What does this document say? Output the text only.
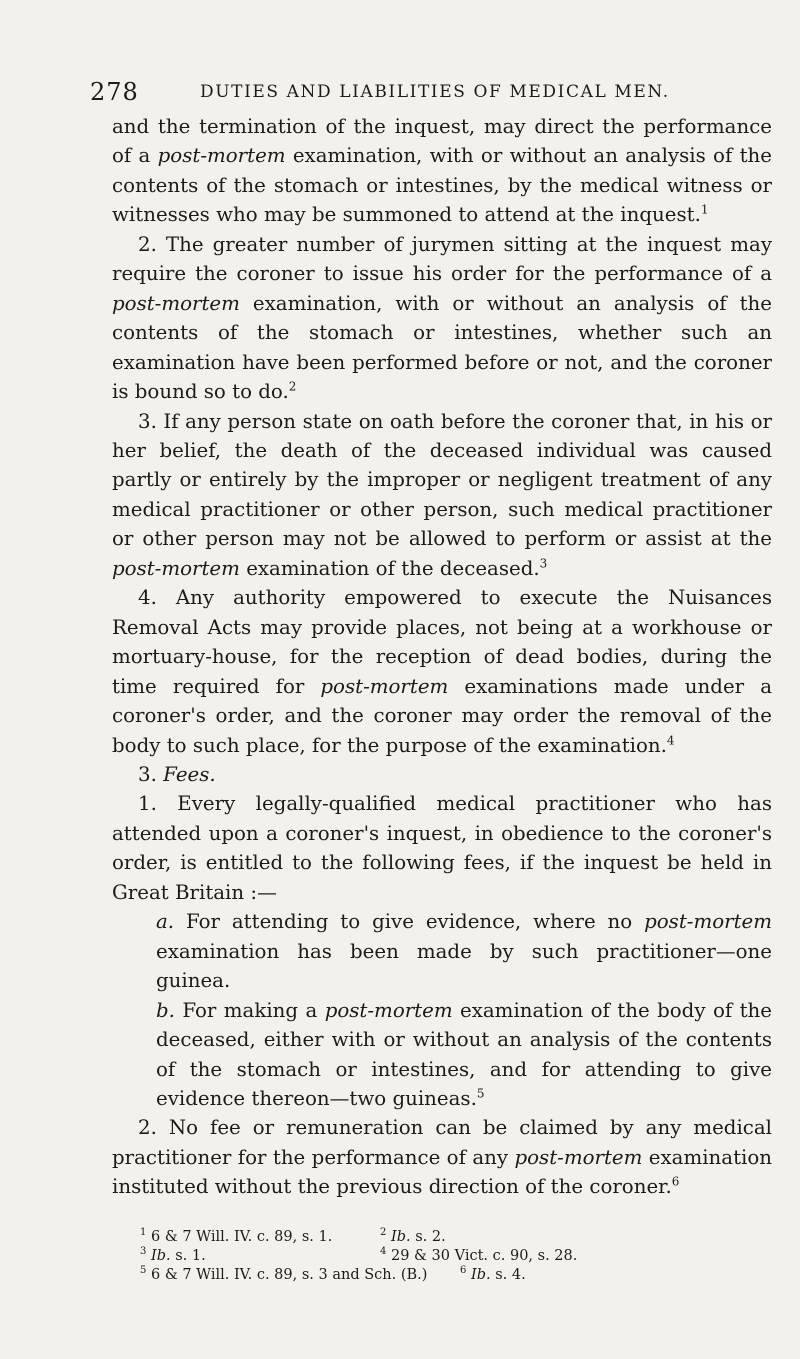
278	DUTIES AND LIABILITIES OF MEDICAL MEN.

and the termination of the inquest, may direct the performance of a post-mortem examination, with or without an analysis of the contents of the stomach or intestines, by the medical witness or witnesses who may be summoned to attend at the inquest.$^1$

2. The greater number of jurymen sitting at the inquest may require the coroner to issue his order for the performance of a post-mortem examination, with or without an analysis of the contents of the stomach or intestines, whether such an examination have been performed before or not, and the coroner is bound so to do.$^2$

3. If any person state on oath before the coroner that, in his or her belief, the death of the deceased individual was caused partly or entirely by the improper or negligent treatment of any medical practitioner or other person, such medical practitioner or other person may not be allowed to perform or assist at the post-mortem examination of the deceased.$^3$

4. Any authority empowered to execute the Nuisances Removal Acts may provide places, not being at a workhouse or mortuary-house, for the reception of dead bodies, during the time required for post-mortem examinations made under a coroner's order, and the coroner may order the removal of the body to such place, for the purpose of the examination.$^4$

3. Fees.

1. Every legally-qualified medical practitioner who has attended upon a coroner's inquest, in obedience to the coroner's order, is entitled to the following fees, if the inquest be held in Great Britain :—

a. For attending to give evidence, where no post-mortem examination has been made by such practitioner—one guinea.

b. For making a post-mortem examination of the body of the deceased, either with or without an analysis of the contents of the stomach or intestines, and for attending to give evidence thereon—two guineas.$^5$

2. No fee or remuneration can be claimed by any medical practitioner for the performance of any post-mortem examination instituted without the previous direction of the coroner.$^6$

$^1$ 6 & 7 Will. IV. c. 89, s. 1.	$^2$ Ib. s. 2.
$^3$ Ib. s. 1.	$^4$ 29 & 30 Vict. c. 90, s. 28.
$^5$ 6 & 7 Will. IV. c. 89, s. 3 and Sch. (B.)	$^6$ Ib. s. 4.
